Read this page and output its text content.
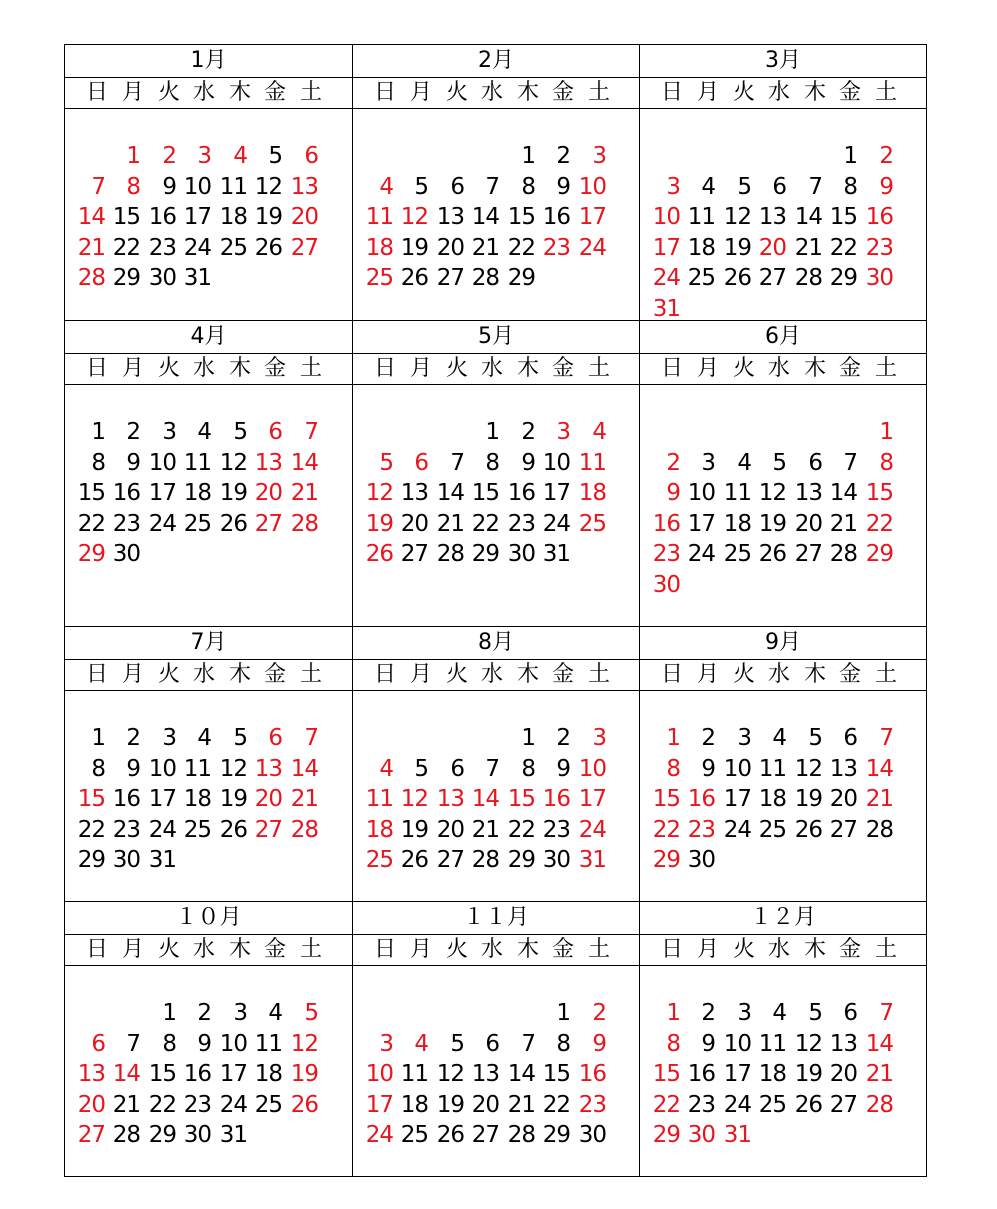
1月
日 月 火 水 木 金 土
1 2 3 4 5 6
7 8 9 10 11 12 13
14 15 16 17 18 19 20
21 22 23 24 25 26 27
28 29 30 31
2月
日 月 火 水 木 金 土
1 2 3
4 5 6 7 8 9 10
11 12 13 14 15 16 17
18 19 20 21 22 23 24
25 26 27 28 29
3月
日 月 火 水 木 金 土
1 2
3 4 5 6 7 8 9
10 11 12 13 14 15 16
17 18 19 20 21 22 23
24 25 26 27 28 29 30
31
4月
日 月 火 水 木 金 土
1 2 3 4 5 6 7
8 9 10 11 12 13 14
15 16 17 18 19 20 21
22 23 24 25 26 27 28
29 30
5月
日 月 火 水 木 金 土
1 2 3 4
5 6 7 8 9 10 11
12 13 14 15 16 17 18
19 20 21 22 23 24 25
26 27 28 29 30 31
6月
日 月 火 水 木 金 土
1
2 3 4 5 6 7 8
9 10 11 12 13 14 15
16 17 18 19 20 21 22
23 24 25 26 27 28 29
30
7月
日 月 火 水 木 金 土
1 2 3 4 5 6 7
8 9 10 11 12 13 14
15 16 17 18 19 20 21
22 23 24 25 26 27 28
29 30 31
8月
日 月 火 水 木 金 土
1 2 3
4 5 6 7 8 9 10
11 12 13 14 15 16 17
18 19 20 21 22 23 24
25 26 27 28 29 30 31
9月
日 月 火 水 木 金 土
1 2 3 4 5 6 7
8 9 10 11 12 13 14
15 16 17 18 19 20 21
22 23 24 25 26 27 28
29 30
１０月
日 月 火 水 木 金 土
1 2 3 4 5
6 7 8 9 10 11 12
13 14 15 16 17 18 19
20 21 22 23 24 25 26
27 28 29 30 31
１１月
日 月 火 水 木 金 土
1 2
3 4 5 6 7 8 9
10 11 12 13 14 15 16
17 18 19 20 21 22 23
24 25 26 27 28 29 30
１２月
日 月 火 水 木 金 土
1 2 3 4 5 6 7
8 9 10 11 12 13 14
15 16 17 18 19 20 21
22 23 24 25 26 27 28
29 30 31
